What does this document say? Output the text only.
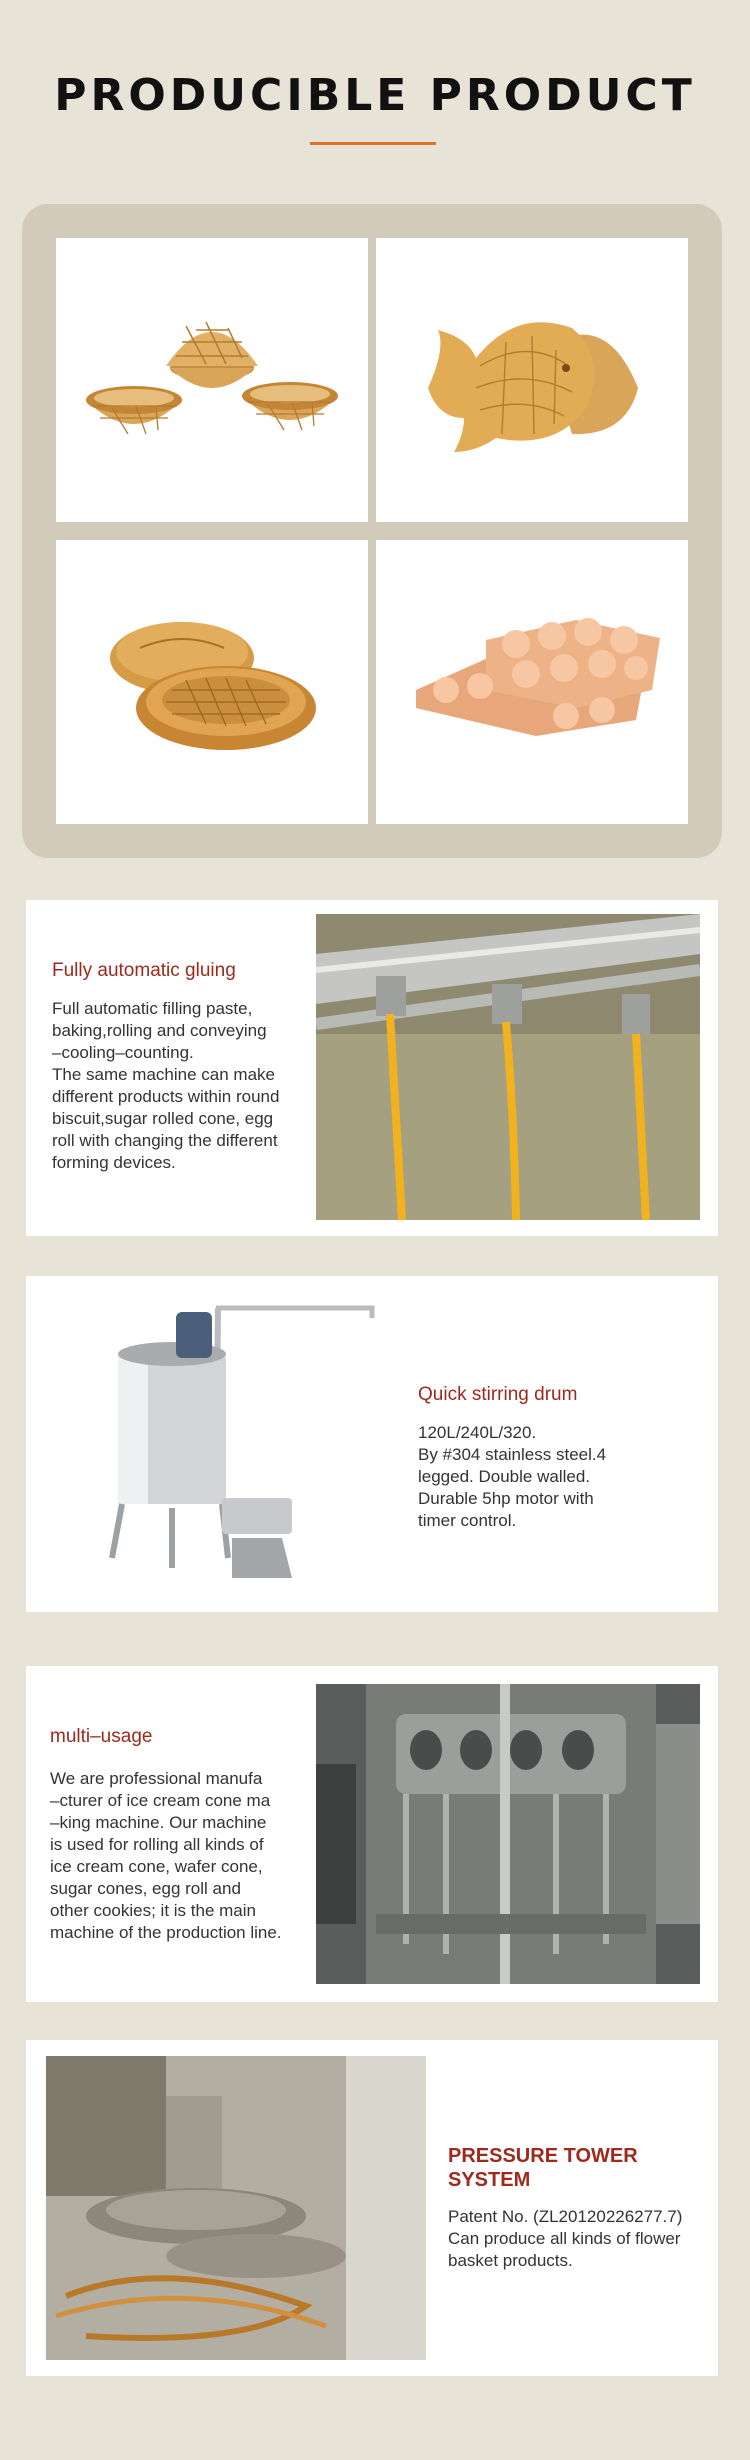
PRODUCIBLE PRODUCT
Fully automatic gluing
Full automatic filling paste,
baking,rolling and conveying
–cooling–counting.
The same machine can make
different products within round
biscuit,sugar rolled cone, egg
roll with changing the different
forming devices.
Quick stirring drum
120L/240L/320.
By #304 stainless steel.4
legged. Double walled.
Durable 5hp motor with
timer control.
multi–usage
We are professional manufa
–cturer of ice cream cone ma
–king machine. Our machine
is used for rolling all kinds of
ice cream cone, wafer cone,
sugar cones, egg roll and
other cookies; it is the main
machine of the production line.
PRESSURE TOWER
SYSTEM
Patent No. (ZL20120226277.7)
Can produce all kinds of flower
basket products.
